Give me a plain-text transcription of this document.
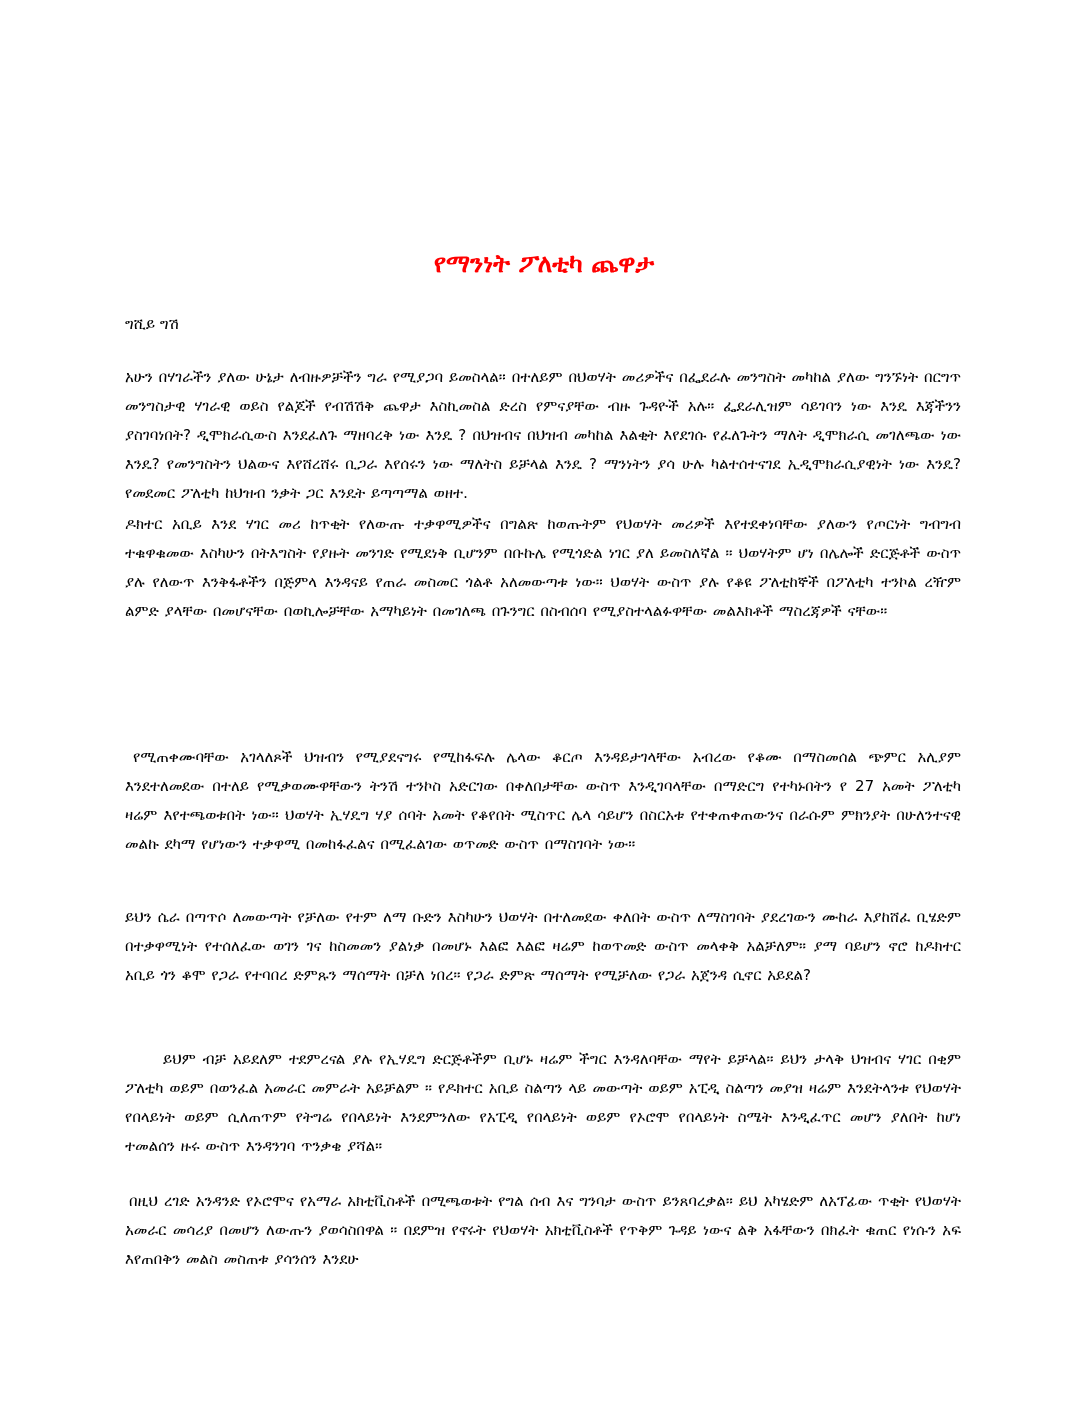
የማንነት ፖለቲካ ጨዋታ

ግሺይ ግሽ

አሁን በሃገራችን ያለው ሁኔታ ለብዙዎቻችን ግራ የሚያጋባ ይመስላል። በተለይም በህወሃት መሪዎችና በፌደራሉ መንግስት መካከል ያለው ግንኙነት በርግጥ መንግስታዊ ሃገራዊ ወይስ የልጆች የብሽሽቅ ጨዋታ እስኪመስል ድረስ የምናያቸው ብዙ ጉዳዮች አሉ። ፌደራሊዝም ሳይገባን ነው እንዴ እጃችንን ያስገባነበት? ዲሞክራሲውስ እንደፈለጉ ማዘባረቅ ነው እንዴ ? በህዝብና በህዝብ መካከል እልቂት እየደገሱ የፈለጉትን ማለት ዲሞክራሲ መገለጫው ነው እንዴ? የመንግስትን ህልውና እየሸረሸሩ ቢጋራ እየሰሩን ነው ማለትስ ይቻላል እንዴ ? ማንነትን ያሳ ሁሉ ካልተሰተናገደ ኢዲሞክራሲያዊነት ነው እንዴ? የመደመር ፖለቲካ ከህዝብ ንቃት ጋር እንዴት ይጣጣማል ወዘተ.

ዶክተር አቢይ እንደ ሃገር መሪ ከጥቂት የለውጡ ተቃዋሚዎችና በግልጽ ከወጡትም የህወሃት መሪዎች እየተደቀነባቸው ያለውን የጦርነት ግብግብ ተቁዋቁመው እስካሁን በትእግስት የያዙት መንገድ የሚደነቅ ቢሆንም በቡኩሌ የሚጎድል ነገር ያለ ይመስለኛል ። ህወሃትም ሆነ በሌሎች ድርጅቶች ውስጥ ያሉ የለውጥ እንቅፋቶችን በጅምላ እንዳናይ የጠራ መስመር ጎልቶ አለመውጣቱ ነው። ህወሃት ውስጥ ያሉ የቆዩ ፖለቲከኞች በፖለቲካ ተንኮል ረዥም ልምድ ያላቸው በመሆናቸው በወኪሎቻቸው አማካይነት በመገለጫ በጉንግር በስብሰባ የሚያስተላልፉዋቸው መልእክቶች ማስረጃዎች ናቸው።

የሚጠቀሙባቸው አገላለጾች ህዝብን የሚያደናግሩ የሚከፋፍሉ ሌላው ቆርጦ እንዳይታገላቸው አብረው የቆሙ በማስመሰል ጭምር አሊያም እንደተለመደው በተለይ የሚቃወሙዋቸውን ትንሽ ተንኮስ አድርገው በቀለበታቸው ውስጥ እንዲገባላቸው በማድርግ የተካኑበትን የ 27 አመት ፖለቲካ ዛሬም እየተጫወቱበት ነው። ህወሃት ኢሃዴግ ሃያ ሰባት አመት የቆየበት ሚስጥር ሌላ ሳይሆን በስርአቱ የተቀጠቀጠውንና በራሱም ምክንያት በሁለንተናዊ መልኩ ደካማ የሆነውን ተቃዋሚ በመከፋፈልና በሚፈልገው ወጥመድ ውስጥ በማስገባት ነው።

ይህን ሴራ በጣጥሶ ለመውጣት የቻለው የተም ለማ ቡድን እስካሁን ህወሃት በተለመደው ቀለበት ውስጥ ለማስገባት ያደረገውን ሙከራ እያከሸፈ ቢሄድም በተቃዋሚነት የተሰለፈው ወገን ገና ከስመመን ያልነቃ በመሆኑ እልፎ እልፎ ዛሬም ከወጥመድ ውስጥ መላቀቅ አልቻለም። ያማ ባይሆን ኖሮ ከዶክተር አቢይ ጎን ቆሞ የጋራ የተባበረ ድምጹን ማሰማት በቻለ ነበረ። የጋራ ድምጽ ማሰማት የሚቻለው የጋራ አጀንዳ ሲኖር አይደል?

ይህም ብቻ አይደለም ተደምረናል ያሉ የኢሃዴግ ድርጅቶችም ቢሆኑ ዛሬም ችግር እንዳለባቸው ማየት ይቻላል። ይህን ታላቅ ህዝብና ሃገር በቂም ፖለቲካ ወይም በወንፈል አመራር መምራት አይቻልም ። የዶክተር አቢይ ስልጣን ላይ መውጣት ወይም አፒዲ ስልጣን መያዝ ዛሬም እንደትላንቱ የህወሃት የበላይነት ወይም ሲለጠጥም የትግሬ የበላይነት እንደምንለው የአፒዲ የበላይነት ወይም የኦሮሞ የበላይነት ስሜት እንዲፈጥር መሆን ያለበት ከሆነ ተመልሰን ዙሩ ውስጥ እንዳንገባ ጥንቃቄ ያሻል።

በዚህ ረገድ አንዳንድ የኦሮሞና የአማራ አክቲቪስቶች በሚጫወቱት የግል ሰብ እና ግንባታ ውስጥ ይንጸባረቃል። ይህ አካሄድም ለአፕፊው ጥቂት የህወሃት አመራር መሳሪያ በመሆን ለውጡን ያወሳስበዋል ። በደምዝ የኖሩት የህወሃት አክቲቪስቶች የጥቅም ጉዳይ ነውና ልቅ አፋቸውን በክፈት ቁጠር የነሱን አፍ እየጠበቅን መልስ መስጠቱ ያሳንሰን እንደሁ
